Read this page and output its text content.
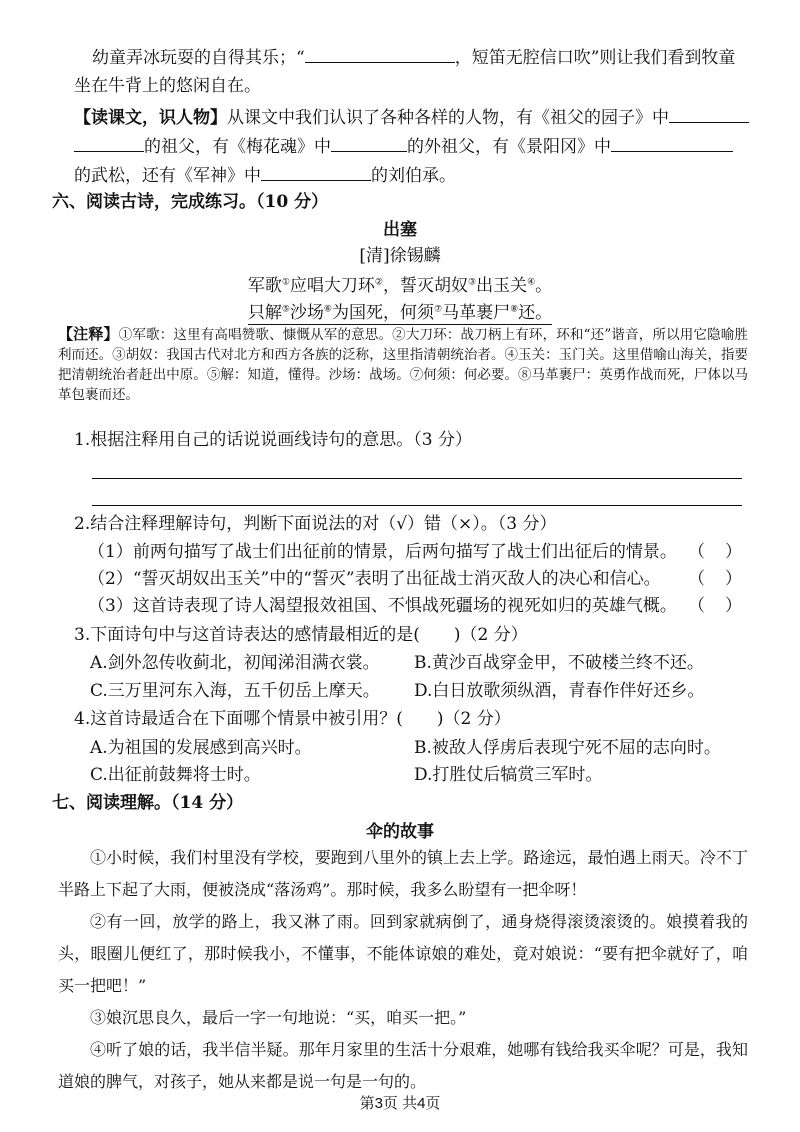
幼童弄冰玩耍的自得其乐；“	，短笛无腔信口吹”则让我们看到牧童
坐在牛背上的悠闲自在。
【读课文，识人物】从课文中我们认识了各种各样的人物，有《祖父的园子》中
的祖父，有《梅花魂》中	的外祖父，有《景阳冈》中
的武松，还有《军神》中	的刘伯承。
六、阅读古诗，完成练习。（10 分）
出塞
[清]徐锡麟
军歌①应唱大刀环②，誓灭胡奴③出玉关④。
只解⑤沙场⑥为国死，何须⑦马革裹尸⑧还。
【注释】①军歌：这里有高唱赞歌、慷慨从军的意思。②大刀环：战刀柄上有环，环和“还”谐音，所以用它隐喻胜利而还。③胡奴：我国古代对北方和西方各族的泛称，这里指清朝统治者。④玉关：玉门关。这里借喻山海关，指要把清朝统治者赶出中原。⑤解：知道，懂得。沙场：战场。⑦何须：何必要。⑧马革裹尸：英勇作战而死，尸体以马革包裹而还。
1.根据注释用自己的话说说画线诗句的意思。（3 分）
2.结合注释理解诗句，判断下面说法的对（√）错（×）。（3 分）
（1）前两句描写了战士们出征前的情景，后两句描写了战士们出征后的情景。 （ ）
（2）“誓灭胡奴出玉关”中的“誓灭”表明了出征战士消灭敌人的决心和信心。 （ ）
（3）这首诗表现了诗人渴望报效祖国、不惧战死疆场的视死如归的英雄气概。 （ ）
3.下面诗句中与这首诗表达的感情最相近的是(　　)（2 分）
A.剑外忽传收蓟北，初闻涕泪满衣裳。 B.黄沙百战穿金甲，不破楼兰终不还。
C.三万里河东入海，五千仞岳上摩天。 D.白日放歌须纵酒，青春作伴好还乡。
4.这首诗最适合在下面哪个情景中被引用？(　　)（2 分）
A.为祖国的发展感到高兴时。	B.被敌人俘虏后表现宁死不屈的志向时。
C.出征前鼓舞将士时。	D.打胜仗后犒赏三军时。
七、阅读理解。（14 分）
伞的故事

①小时候，我们村里没有学校，要跑到八里外的镇上去上学。路途远，最怕遇上雨天。冷不丁半路上下起了大雨，便被浇成“落汤鸡”。那时候，我多么盼望有一把伞呀！

②有一回，放学的路上，我又淋了雨。回到家就病倒了，通身烧得滚烫滚烫的。娘摸着我的头，眼圈儿便红了，那时候我小，不懂事，不能体谅娘的难处，竟对娘说：“要有把伞就好了，咱买一把吧！”

③娘沉思良久，最后一字一句地说：“买，咱买一把。”

④听了娘的话，我半信半疑。那年月家里的生活十分艰难，她哪有钱给我买伞呢？可是，我知道娘的脾气，对孩子，她从来都是说一句是一句的。

第3页 共4页
